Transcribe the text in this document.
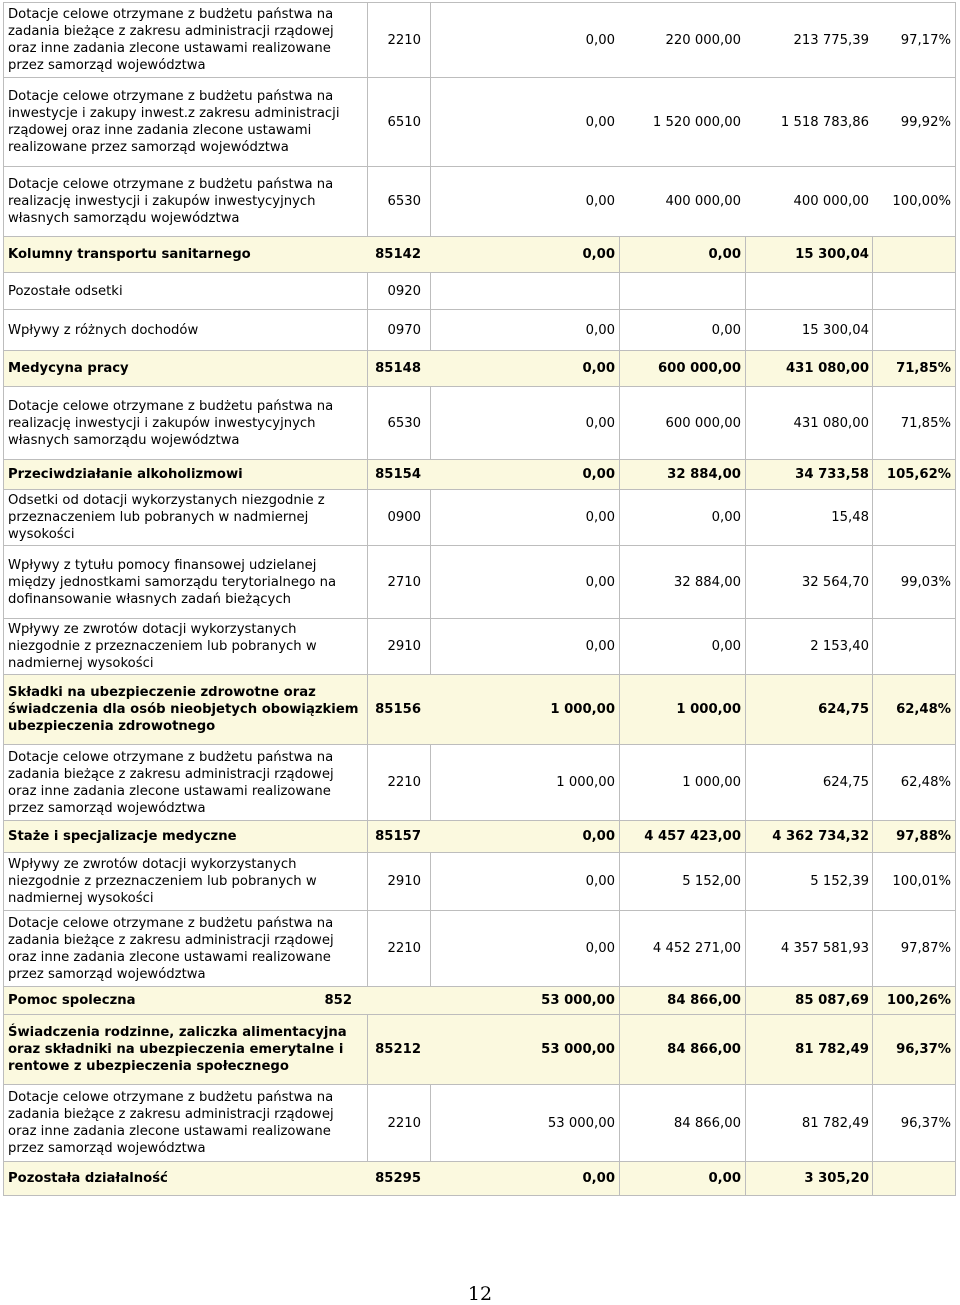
Dotacje celowe otrzymane z budżetu państwa na zadania bieżące z zakresu administracji rządowej oraz inne zadania zlecone ustawami realizowane przez samorząd województwa
2210	0,00	220 000,00	213 775,39	97,17%
Dotacje celowe otrzymane z budżetu państwa na inwestycje i zakupy inwest.z zakresu administracji rządowej oraz inne zadania zlecone ustawami realizowane przez samorząd województwa
6510	0,00	1 520 000,00	1 518 783,86	99,92%
Dotacje celowe otrzymane z budżetu państwa na realizację inwestycji i zakupów inwestycyjnych własnych samorządu województwa
6530	0,00	400 000,00	400 000,00	100,00%
Kolumny transportu sanitarnego	85142	0,00	0,00	15 300,04
Pozostałe odsetki	0920
Wpływy z różnych dochodów	0970	0,00	0,00	15 300,04
Medycyna pracy	85148	0,00	600 000,00	431 080,00	71,85%
Dotacje celowe otrzymane z budżetu państwa na realizację inwestycji i zakupów inwestycyjnych własnych samorządu województwa
6530	0,00	600 000,00	431 080,00	71,85%
Przeciwdziałanie alkoholizmowi	85154	0,00	32 884,00	34 733,58	105,62%
Odsetki od dotacji wykorzystanych niezgodnie z przeznaczeniem lub pobranych w nadmiernej wysokości
0900	0,00	0,00	15,48
Wpływy z tytułu pomocy finansowej udzielanej między jednostkami samorządu terytorialnego na dofinansowanie własnych zadań bieżących
2710	0,00	32 884,00	32 564,70	99,03%
Wpływy ze zwrotów dotacji wykorzystanych niezgodnie z przeznaczeniem lub pobranych w nadmiernej wysokości
2910	0,00	0,00	2 153,40
Składki na ubezpieczenie zdrowotne oraz świadczenia dla osób nieobjetych obowiązkiem ubezpieczenia zdrowotnego
85156	1 000,00	1 000,00	624,75	62,48%
Dotacje celowe otrzymane z budżetu państwa na zadania bieżące z zakresu administracji rządowej oraz inne zadania zlecone ustawami realizowane przez samorząd województwa
2210	1 000,00	1 000,00	624,75	62,48%
Staże i specjalizacje medyczne	85157	0,00	4 457 423,00	4 362 734,32	97,88%
Wpływy ze zwrotów dotacji wykorzystanych niezgodnie z przeznaczeniem lub pobranych w nadmiernej wysokości
2910	0,00	5 152,00	5 152,39	100,01%
Dotacje celowe otrzymane z budżetu państwa na zadania bieżące z zakresu administracji rządowej oraz inne zadania zlecone ustawami realizowane przez samorząd województwa
2210	0,00	4 452 271,00	4 357 581,93	97,87%
Pomoc spoleczna	852	53 000,00	84 866,00	85 087,69	100,26%
Świadczenia rodzinne, zaliczka alimentacyjna oraz składniki na ubezpieczenia emerytalne i rentowe z ubezpieczenia społecznego
85212	53 000,00	84 866,00	81 782,49	96,37%
Dotacje celowe otrzymane z budżetu państwa na zadania bieżące z zakresu administracji rządowej oraz inne zadania zlecone ustawami realizowane przez samorząd województwa
2210	53 000,00	84 866,00	81 782,49	96,37%
Pozostała działalność	85295	0,00	0,00	3 305,20
12
